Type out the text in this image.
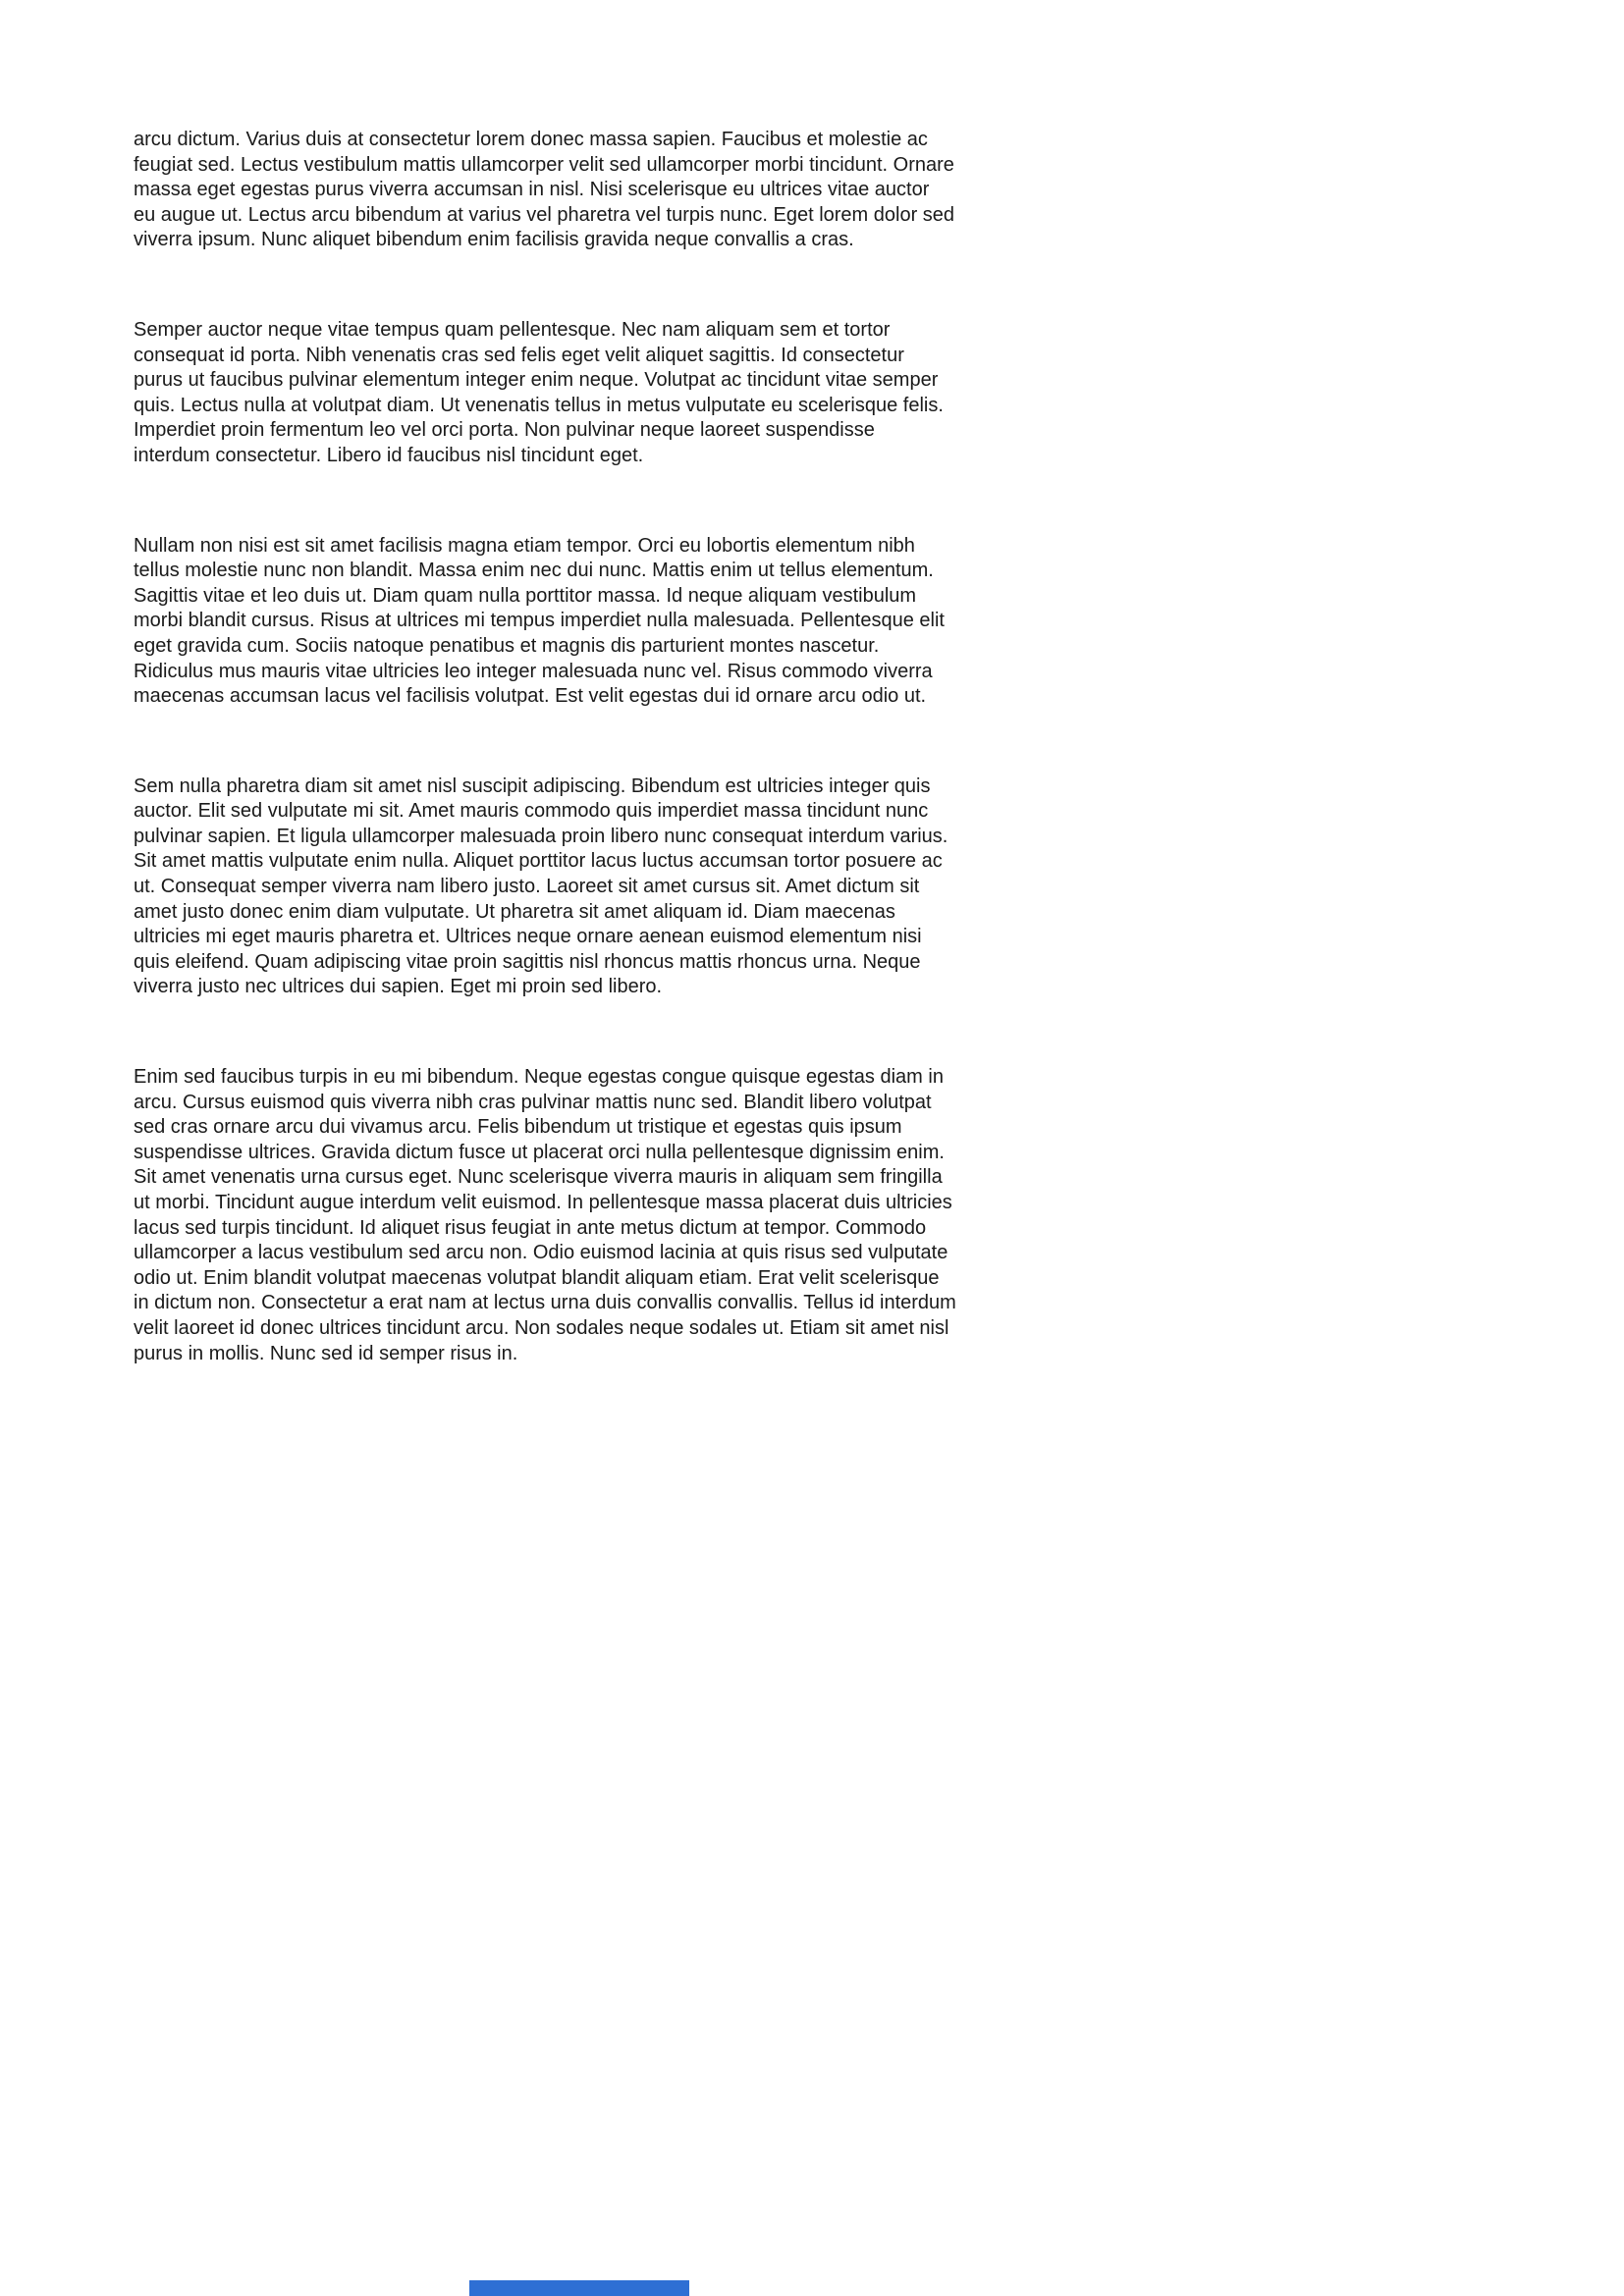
arcu dictum. Varius duis at consectetur lorem donec massa sapien. Faucibus et molestie ac feugiat sed. Lectus vestibulum mattis ullamcorper velit sed ullamcorper morbi tincidunt. Ornare massa eget egestas purus viverra accumsan in nisl. Nisi scelerisque eu ultrices vitae auctor eu augue ut. Lectus arcu bibendum at varius vel pharetra vel turpis nunc. Eget lorem dolor sed viverra ipsum. Nunc aliquet bibendum enim facilisis gravida neque convallis a cras.

Semper auctor neque vitae tempus quam pellentesque. Nec nam aliquam sem et tortor consequat id porta. Nibh venenatis cras sed felis eget velit aliquet sagittis. Id consectetur purus ut faucibus pulvinar elementum integer enim neque. Volutpat ac tincidunt vitae semper quis. Lectus nulla at volutpat diam. Ut venenatis tellus in metus vulputate eu scelerisque felis. Imperdiet proin fermentum leo vel orci porta. Non pulvinar neque laoreet suspendisse interdum consectetur. Libero id faucibus nisl tincidunt eget.

Nullam non nisi est sit amet facilisis magna etiam tempor. Orci eu lobortis elementum nibh tellus molestie nunc non blandit. Massa enim nec dui nunc. Mattis enim ut tellus elementum. Sagittis vitae et leo duis ut. Diam quam nulla porttitor massa. Id neque aliquam vestibulum morbi blandit cursus. Risus at ultrices mi tempus imperdiet nulla malesuada. Pellentesque elit eget gravida cum. Sociis natoque penatibus et magnis dis parturient montes nascetur. Ridiculus mus mauris vitae ultricies leo integer malesuada nunc vel. Risus commodo viverra maecenas accumsan lacus vel facilisis volutpat. Est velit egestas dui id ornare arcu odio ut.

Sem nulla pharetra diam sit amet nisl suscipit adipiscing. Bibendum est ultricies integer quis auctor. Elit sed vulputate mi sit. Amet mauris commodo quis imperdiet massa tincidunt nunc pulvinar sapien. Et ligula ullamcorper malesuada proin libero nunc consequat interdum varius. Sit amet mattis vulputate enim nulla. Aliquet porttitor lacus luctus accumsan tortor posuere ac ut. Consequat semper viverra nam libero justo. Laoreet sit amet cursus sit. Amet dictum sit amet justo donec enim diam vulputate. Ut pharetra sit amet aliquam id. Diam maecenas ultricies mi eget mauris pharetra et. Ultrices neque ornare aenean euismod elementum nisi quis eleifend. Quam adipiscing vitae proin sagittis nisl rhoncus mattis rhoncus urna. Neque viverra justo nec ultrices dui sapien. Eget mi proin sed libero.

Enim sed faucibus turpis in eu mi bibendum. Neque egestas congue quisque egestas diam in arcu. Cursus euismod quis viverra nibh cras pulvinar mattis nunc sed. Blandit libero volutpat sed cras ornare arcu dui vivamus arcu. Felis bibendum ut tristique et egestas quis ipsum suspendisse ultrices. Gravida dictum fusce ut placerat orci nulla pellentesque dignissim enim. Sit amet venenatis urna cursus eget. Nunc scelerisque viverra mauris in aliquam sem fringilla ut morbi. Tincidunt augue interdum velit euismod. In pellentesque massa placerat duis ultricies lacus sed turpis tincidunt. Id aliquet risus feugiat in ante metus dictum at tempor. Commodo ullamcorper a lacus vestibulum sed arcu non. Odio euismod lacinia at quis risus sed vulputate odio ut. Enim blandit volutpat maecenas volutpat blandit aliquam etiam. Erat velit scelerisque in dictum non. Consectetur a erat nam at lectus urna duis convallis convallis. Tellus id interdum velit laoreet id donec ultrices tincidunt arcu. Non sodales neque sodales ut. Etiam sit amet nisl purus in mollis. Nunc sed id semper risus in.
